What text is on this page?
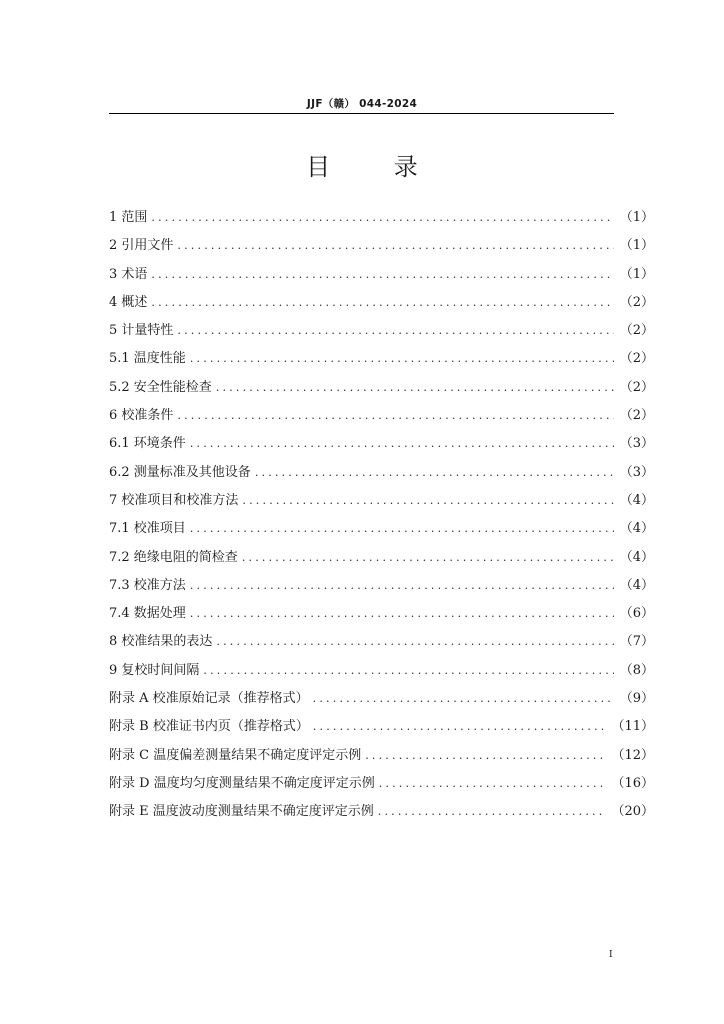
JJF（赣） 044-2024
目 录
1 范围 .....	（1）
2 引用文件 .....	（1）
3 术语 .....	（1）
4 概述 .....	（2）
5 计量特性 .....	（2）
5.1 温度性能 .....	（2）
5.2 安全性能检查 .....	（2）
6 校准条件 .....	（2）
6.1 环境条件 .....	（3）
6.2 测量标准及其他设备 .....	（3）
7 校准项目和校准方法 .....	（4）
7.1 校准项目 .....	（4）
7.2 绝缘电阻的简检查 .....	（4）
7.3 校准方法 .....	（4）
7.4 数据处理 .....	（6）
8 校准结果的表达 .....	（7）
9 复校时间间隔 .....	（8）
附录 A 校准原始记录（推荐格式） .....	（9）
附录 B 校准证书内页（推荐格式） .....	（11）
附录 C 温度偏差测量结果不确定度评定示例 .....	（12）
附录 D 温度均匀度测量结果不确定度评定示例 .....	（16）
附录 E 温度波动度测量结果不确定度评定示例 .....	（20）
I
